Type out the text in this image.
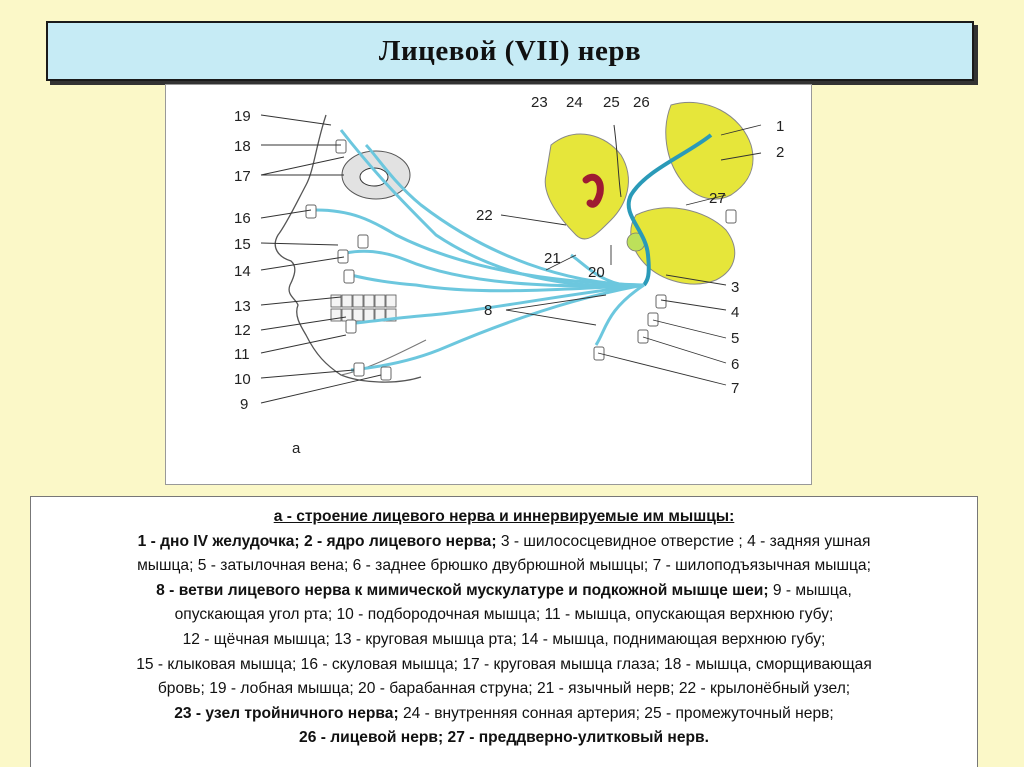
Лицевой (VII) нерв
1
2
3
4
5
6
7
8
9
10
11
12
13
14
15
16
17
18
19
20
21
22
23 24 25 26
27
а
а - строение лицевого нерва и иннервируемые им мышцы:
1 - дно IV желудочка; 2 - ядро лицевого нерва; 3 - шилососцевидное отверстие ; 4 - задняя ушная
мышца; 5 - затылочная вена; 6 - заднее брюшко двубрюшной мышцы; 7 - шилоподъязычная мышца;
8 - ветви лицевого нерва к мимической мускулатуре и подкожной мышце шеи; 9 - мышца,
опускающая угол рта; 10 - подбородочная мышца; 11 - мышца, опускающая верхнюю губу;
12 - щёчная мышца; 13 - круговая мышца рта; 14 - мышца, поднимающая верхнюю губу;
15 - клыковая мышца; 16 - скуловая мышца; 17 - круговая мышца глаза; 18 - мышца, сморщивающая
бровь; 19 - лобная мышца; 20 - барабанная струна; 21 - язычный нерв; 22 - крылонёбный узел;
23 - узел тройничного нерва; 24 - внутренняя сонная артерия; 25 - промежуточный нерв;
26 - лицевой нерв; 27 - преддверно-улитковый нерв.
